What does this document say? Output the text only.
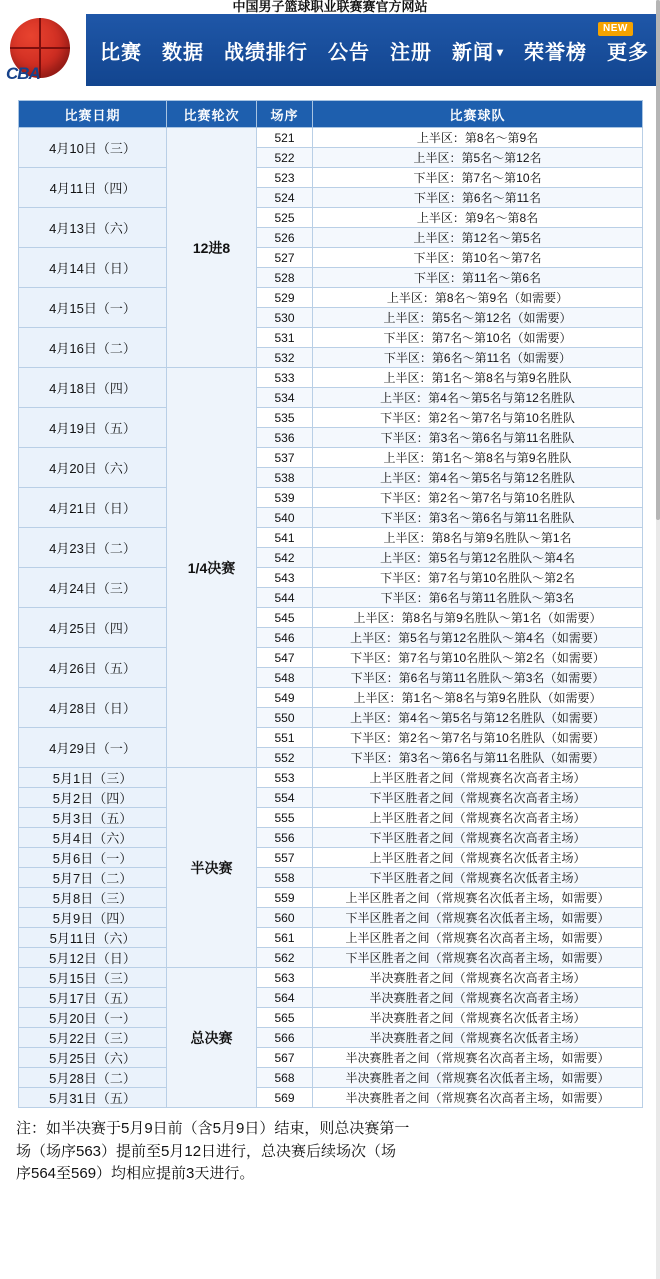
中国男子篮球职业联赛赛官方网站
CBA
比赛 数据 战绩排行 公告 注册 新闻 ▾ 荣誉榜 更多
NEW
比赛日期	比赛轮次	场序	比赛球队
4月10日（三）	12进8	521	上半区：第8名～第9名
		522	上半区：第5名～第12名
4月11日（四）		523	下半区：第7名～第10名
		524	下半区：第6名～第11名
4月13日（六）		525	上半区：第9名～第8名
		526	上半区：第12名～第5名
4月14日（日）		527	下半区：第10名～第7名
		528	下半区：第11名～第6名
4月15日（一）		529	上半区：第8名～第9名（如需要）
		530	上半区：第5名～第12名（如需要）
4月16日（二）		531	下半区：第7名～第10名（如需要）
		532	下半区：第6名～第11名（如需要）
4月18日（四）	1/4决赛	533	上半区：第1名～第8名与第9名胜队
		534	上半区：第4名～第5名与第12名胜队
4月19日（五）		535	下半区：第2名～第7名与第10名胜队
		536	下半区：第3名～第6名与第11名胜队
4月20日（六）		537	上半区：第1名～第8名与第9名胜队
		538	上半区：第4名～第5名与第12名胜队
4月21日（日）		539	下半区：第2名～第7名与第10名胜队
		540	下半区：第3名～第6名与第11名胜队
4月23日（二）		541	上半区：第8名与第9名胜队～第1名
		542	上半区：第5名与第12名胜队～第4名
4月24日（三）		543	下半区：第7名与第10名胜队～第2名
		544	下半区：第6名与第11名胜队～第3名
4月25日（四）		545	上半区：第8名与第9名胜队～第1名（如需要）
		546	上半区：第5名与第12名胜队～第4名（如需要）
4月26日（五）		547	下半区：第7名与第10名胜队～第2名（如需要）
		548	下半区：第6名与第11名胜队～第3名（如需要）
4月28日（日）		549	上半区：第1名～第8名与第9名胜队（如需要）
		550	上半区：第4名～第5名与第12名胜队（如需要）
4月29日（一）		551	下半区：第2名～第7名与第10名胜队（如需要）
		552	下半区：第3名～第6名与第11名胜队（如需要）
5月1日（三）	半决赛	553	上半区胜者之间（常规赛名次高者主场）
5月2日（四）		554	下半区胜者之间（常规赛名次高者主场）
5月3日（五）		555	上半区胜者之间（常规赛名次高者主场）
5月4日（六）		556	下半区胜者之间（常规赛名次高者主场）
5月6日（一）		557	上半区胜者之间（常规赛名次低者主场）
5月7日（二）		558	下半区胜者之间（常规赛名次低者主场）
5月8日（三）		559	上半区胜者之间（常规赛名次低者主场，如需要）
5月9日（四）		560	下半区胜者之间（常规赛名次低者主场，如需要）
5月11日（六）		561	上半区胜者之间（常规赛名次高者主场，如需要）
5月12日（日）		562	下半区胜者之间（常规赛名次高者主场，如需要）
5月15日（三）	总决赛	563	半决赛胜者之间（常规赛名次高者主场）
5月17日（五）		564	半决赛胜者之间（常规赛名次高者主场）
5月20日（一）		565	半决赛胜者之间（常规赛名次低者主场）
5月22日（三）		566	半决赛胜者之间（常规赛名次低者主场）
5月25日（六）		567	半决赛胜者之间（常规赛名次高者主场，如需要）
5月28日（二）		568	半决赛胜者之间（常规赛名次低者主场，如需要）
5月31日（五）		569	半决赛胜者之间（常规赛名次高者主场，如需要）
注：如半决赛于5月9日前（含5月9日）结束，则总决赛第一
场（场序563）提前至5月12日进行，总决赛后续场次（场
序564至569）均相应提前3天进行。
